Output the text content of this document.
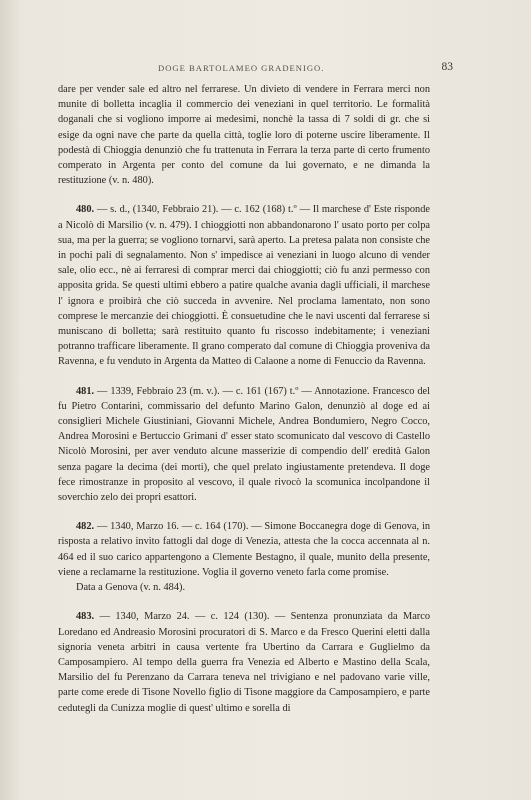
DOGE BARTOLAMEO GRADENIGO.	83

dare per vender sale ed altro nel ferrarese. Un divieto di vendere in Ferrara merci non munite di bolletta incaglia il commercio dei veneziani in quel territorio. Le formalità doganali che si vogliono imporre ai medesimi, nonchè la tassa di 7 soldi di gr. che si esige da ogni nave che parte da quella città, toglie loro di poterne uscire liberamente. Il podestà di Chioggia denunziò che fu trattenuta in Ferrara la terza parte di certo frumento comperato in Argenta per conto del comune da lui governato, e ne dimanda la restituzione (v. n. 480).

480. — s. d., (1340, Febbraio 21). — c. 162 (168) t.º — Il marchese d' Este risponde a Nicolò di Marsilio (v. n. 479). I chioggiotti non abbandonarono l' usato porto per colpa sua, ma per la guerra; se vogliono tornarvi, sarà aperto. La pretesa palata non consiste che in pochi pali di segnalamento. Non s' impedisce ai veneziani in luogo alcuno di vender sale, olio ecc., nè ai ferraresi di comprar merci dai chioggiotti; ciò fu anzi permesso con apposita grida. Se questi ultimi ebbero a patire qualche avania dagli ufficiali, il marchese l' ignora e proibirà che ciò succeda in avvenire. Nel proclama lamentato, non sono comprese le mercanzie dei chioggiotti. È consuetudine che le navi uscenti dal ferrarese si muniscano di bolletta; sarà restituito quanto fu riscosso indebitamente; i veneziani potranno trafficare liberamente. Il grano comperato dal comune di Chioggia proveniva da Ravenna, e fu venduto in Argenta da Matteo di Calaone a nome di Fenuccio da Ravenna.

481. — 1339, Febbraio 23 (m. v.). — c. 161 (167) t.º — Annotazione. Francesco del fu Pietro Contarini, commissario del defunto Marino Galon, denunziò al doge ed ai consiglieri Michele Giustiniani, Giovanni Michele, Andrea Bondumiero, Negro Cocco, Andrea Morosini e Bertuccio Grimani d' esser stato scomunicato dal vescovo di Castello Nicolò Morosini, per aver venduto alcune masserizie di compendio dell' eredità Galon senza pagare la decima (dei morti), che quel prelato ingiustamente pretendeva. Il doge fece rimostranze in proposito al vescovo, il quale rivocò la scomunica incolpandone il soverchio zelo dei propri esattori.

482. — 1340, Marzo 16. — c. 164 (170). — Simone Boccanegra doge di Genova, in risposta a relativo invito fattogli dal doge di Venezia, attesta che la cocca accennata al n. 464 ed il suo carico appartengono a Clemente Bestagno, il quale, munito della presente, viene a reclamarne la restituzione. Voglia il governo veneto farla come promise.

Data a Genova (v. n. 484).

483. — 1340, Marzo 24. — c. 124 (130). — Sentenza pronunziata da Marco Loredano ed Andreasio Morosini procuratori di S. Marco e da Fresco Querini eletti dalla signoria veneta arbitri in causa vertente fra Ubertino da Carrara e Guglielmo da Camposampiero. Al tempo della guerra fra Venezia ed Alberto e Mastino della Scala, Marsilio del fu Perenzano da Carrara teneva nel trivigiano e nel padovano varie ville, parte come erede di Tisone Novello figlio di Tisone maggiore da Camposampiero, e parte cedutegli da Cunizza moglie di quest' ultimo e sorella di
